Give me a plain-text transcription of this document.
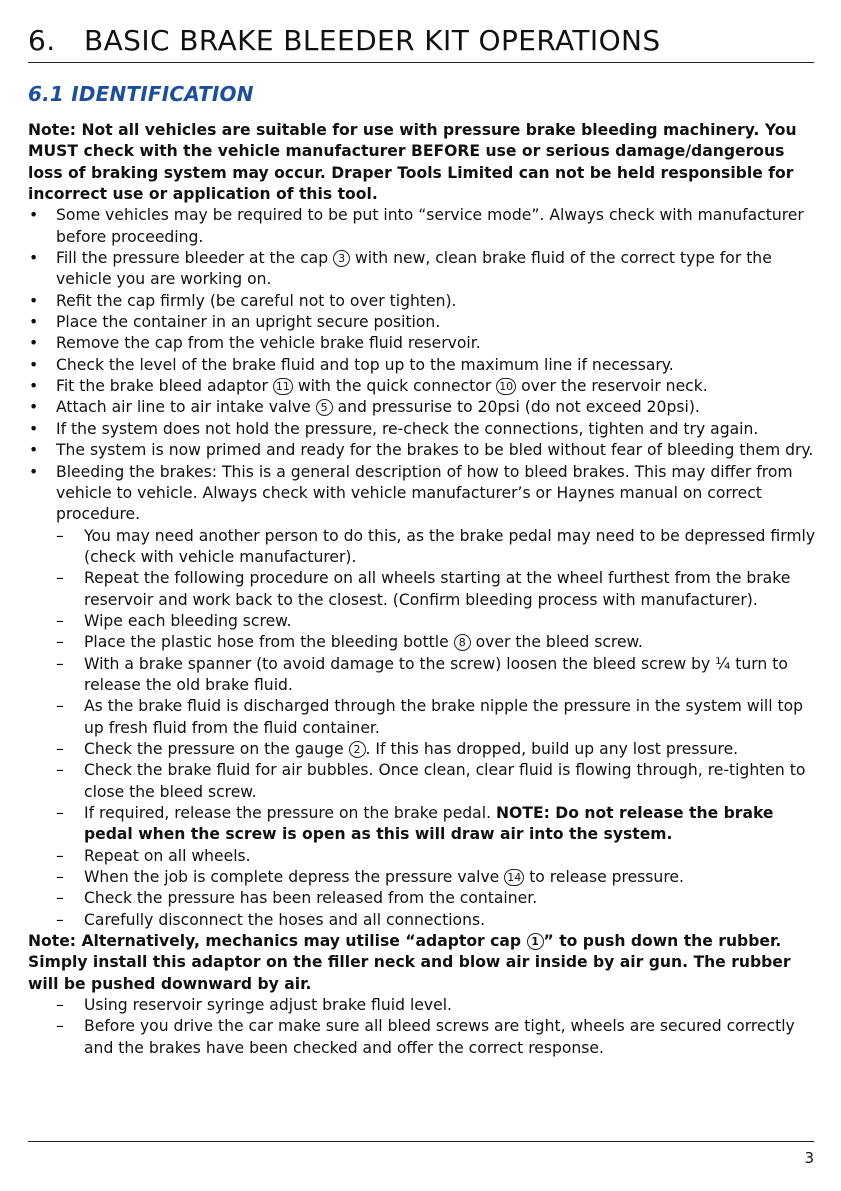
6. BASIC BRAKE BLEEDER KIT OPERATIONS
6.1 IDENTIFICATION

Note: Not all vehicles are suitable for use with pressure brake bleeding machinery. You MUST check with the vehicle manufacturer BEFORE use or serious damage/dangerous loss of braking system may occur. Draper Tools Limited can not be held responsible for incorrect use or application of this tool.

• Some vehicles may be required to be put into “service mode”. Always check with manufacturer before proceeding.
• Fill the pressure bleeder at the cap 3 with new, clean brake fluid of the correct type for the vehicle you are working on.
• Refit the cap firmly (be careful not to over tighten).
• Place the container in an upright secure position.
• Remove the cap from the vehicle brake fluid reservoir.
• Check the level of the brake fluid and top up to the maximum line if necessary.
• Fit the brake bleed adaptor 11 with the quick connector 10 over the reservoir neck.
• Attach air line to air intake valve 5 and pressurise to 20psi (do not exceed 20psi).
• If the system does not hold the pressure, re-check the connections, tighten and try again.
• The system is now primed and ready for the brakes to be bled without fear of bleeding them dry.
• Bleeding the brakes: This is a general description of how to bleed brakes. This may differ from vehicle to vehicle. Always check with vehicle manufacturer’s or Haynes manual on correct procedure.
– You may need another person to do this, as the brake pedal may need to be depressed firmly (check with vehicle manufacturer).
– Repeat the following procedure on all wheels starting at the wheel furthest from the brake reservoir and work back to the closest. (Confirm bleeding process with manufacturer).
– Wipe each bleeding screw.
– Place the plastic hose from the bleeding bottle 8 over the bleed screw.
– With a brake spanner (to avoid damage to the screw) loosen the bleed screw by ¼ turn to release the old brake fluid.
– As the brake fluid is discharged through the brake nipple the pressure in the system will top up fresh fluid from the fluid container.
– Check the pressure on the gauge 2 . If this has dropped, build up any lost pressure.
– Check the brake fluid for air bubbles. Once clean, clear fluid is flowing through, re-tighten to close the bleed screw.
– If required, release the pressure on the brake pedal. NOTE: Do not release the brake pedal when the screw is open as this will draw air into the system.
– Repeat on all wheels.
– When the job is complete depress the pressure valve 14 to release pressure.
– Check the pressure has been released from the container.
– Carefully disconnect the hoses and all connections.

Note: Alternatively, mechanics may utilise “adaptor cap 1 ” to push down the rubber. Simply install this adaptor on the filler neck and blow air inside by air gun. The rubber will be pushed downward by air.

– Using reservoir syringe adjust brake fluid level.
– Before you drive the car make sure all bleed screws are tight, wheels are secured correctly and the brakes have been checked and offer the correct response.
3
